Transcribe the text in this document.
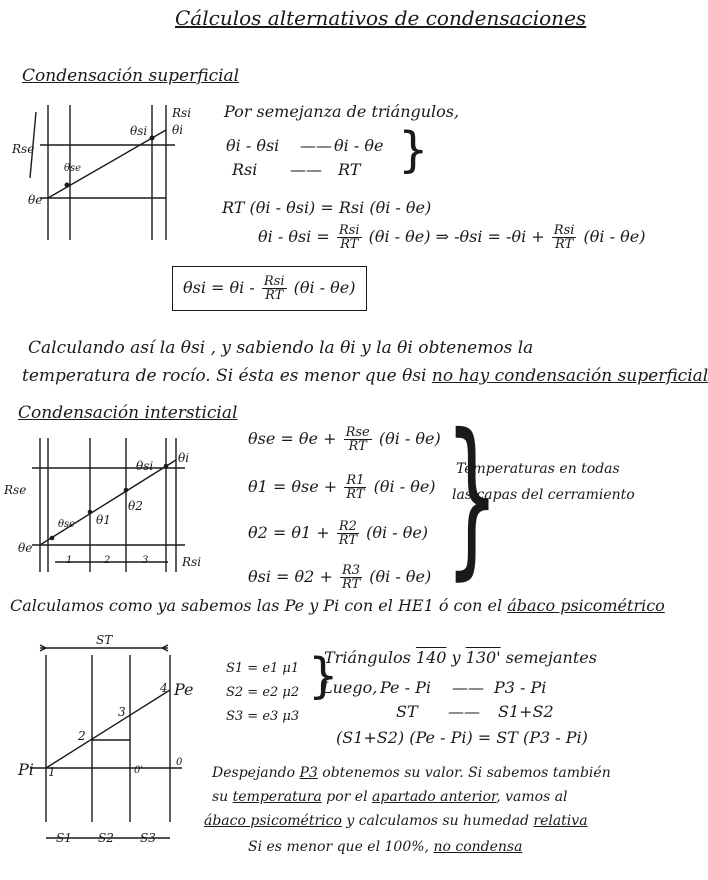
Cálculos alternativos de condensaciones
Condensación superficial
Rsi
θi
Rse
θsi
θse
θe
Por semejanza de triángulos,
θi - θsi —— θi - θe
Rsi —— RT }
RT (θi - θsi) = Rsi (θi - θe)
$\theta i - \theta si = \frac{\text{Rsi}}{RT} (\theta i - \theta e)$ ⇒ $-\theta si = -\theta i + \frac{\text{Rsi}}{RT} (\theta i - \theta e)$
$\theta si = \theta i - \frac{\text{Rsi}}{RT} (\theta i - \theta e)$
Calculando así la θsi , y sabiendo la θi y la θi obtenemos la
temperatura de rocío. Si ésta es menor que θsi no hay condensación superficial
Condensación intersticial
θi
θsi
θ2
θ1
θse
θe
Rse
Rsi
1	2	3
$\theta se = \theta e + \frac{\text{Rse}}{RT} (\theta i - \theta e)$
$\theta 1 = \theta se + \frac{R1}{RT} (\theta i - \theta e)$
$\theta 2 = \theta 1 + \frac{R2}{RT} (\theta i - \theta e)$
$\theta si = \theta 2 + \frac{R3}{RT} (\theta i - \theta e)$ }
Temperaturas en todas
las capas del cerramiento
Calculamos como ya sabemos las Pe y Pi con el HE1 ó con el ábaco psicométrico
ST
Pe
Pi 1
2
3
4
0
0'
S1 S2 S3
S1 = e1 μ1
S2 = e2 μ2
S3 = e3 μ3
}
Triángulos 140 y 130' semejantes
Luego, Pe - Pi —— P3 - Pi
ST —— S1+S2
(S1+S2) (Pe - Pi) = ST (P3 - Pi)
Despejando P3 obtenemos su valor. Si sabemos también
su temperatura por el apartado anterior, vamos al
ábaco psicométrico y calculamos su humedad relativa
Si es menor que el 100%, no condensa
